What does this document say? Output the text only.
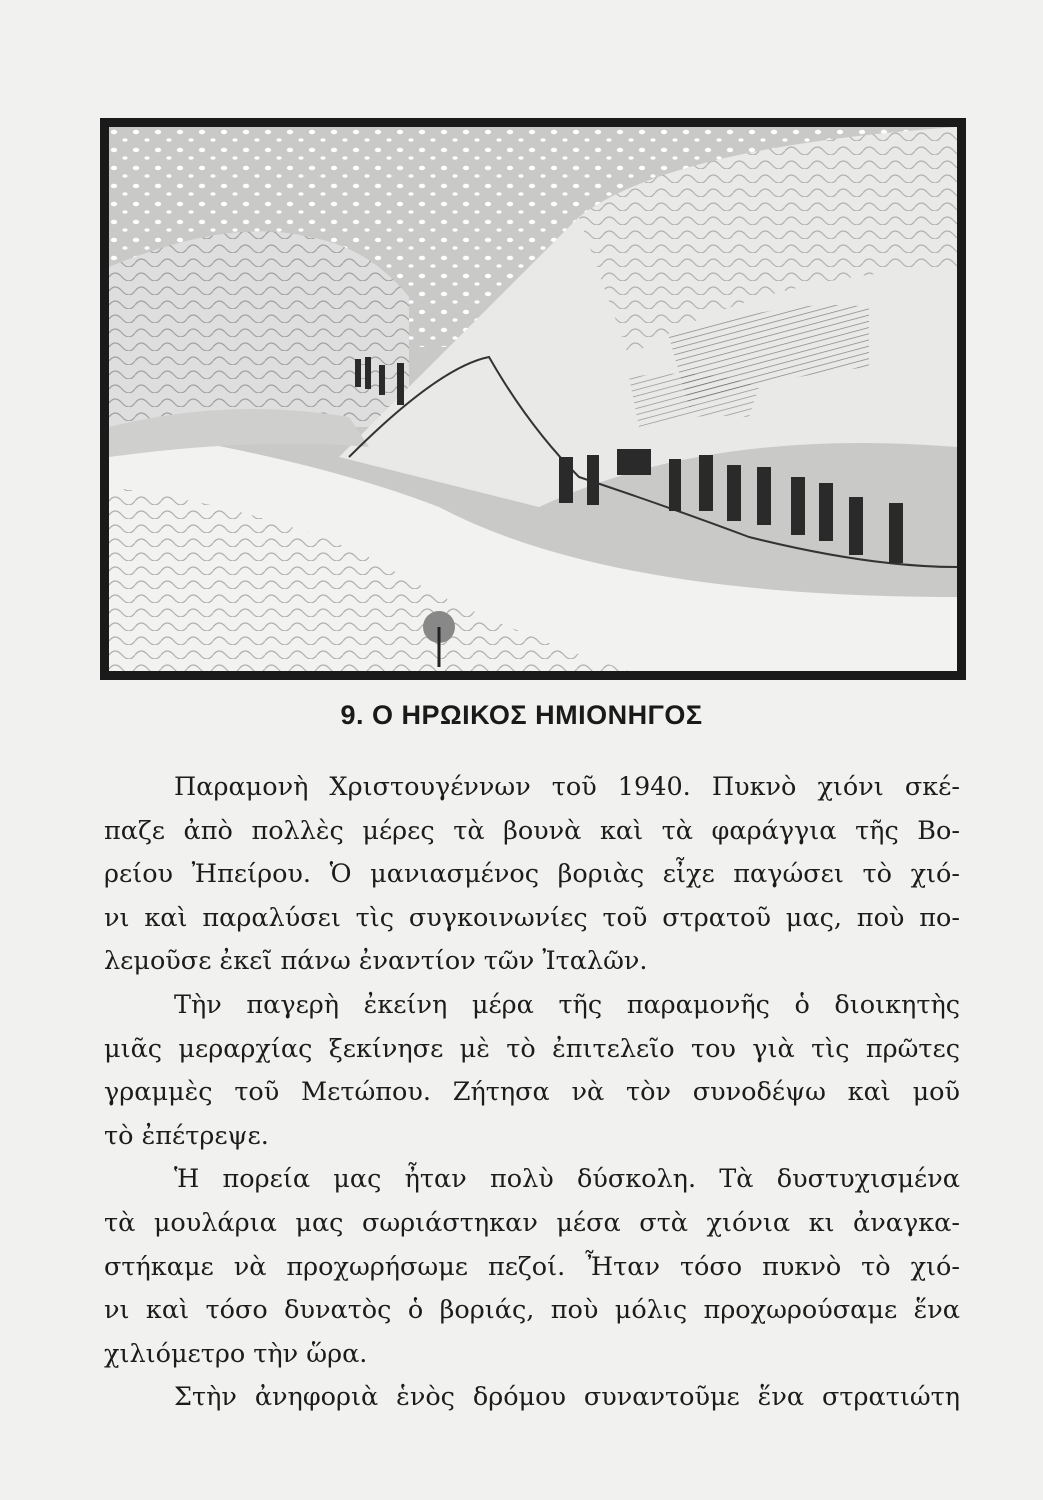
9. Ο ΗΡΩΙΚΟΣ ΗΜΙΟΝΗΓΟΣ
Παραμονὴ Χριστουγέννων τοῦ 1940. Πυκνὸ χιόνι σκέ-
παζε ἀπὸ πολλὲς μέρες τὰ βουνὰ καὶ τὰ φαράγγια τῆς Βο-
ρείου Ἠπείρου. Ὁ μανιασμένος βοριὰς εἶχε παγώσει τὸ χιό-
νι καὶ παραλύσει τὶς συγκοινωνίες τοῦ στρατοῦ μας, ποὺ πο-
λεμοῦσε ἐκεῖ πάνω ἐναντίον τῶν Ἰταλῶν.
Τὴν παγερὴ ἐκείνη μέρα τῆς παραμονῆς ὁ διοικητὴς
μιᾶς μεραρχίας ξεκίνησε μὲ τὸ ἐπιτελεῖο του γιὰ τὶς πρῶτες
γραμμὲς τοῦ Μετώπου. Ζήτησα νὰ τὸν συνοδέψω καὶ μοῦ
τὸ ἐπέτρεψε.
Ἡ πορεία μας ἦταν πολὺ δύσκολη. Τὰ δυστυχισμένα
τὰ μουλάρια μας σωριάστηκαν μέσα στὰ χιόνια κι ἀναγκα-
στήκαμε νὰ προχωρήσωμε πεζοί. Ἦταν τόσο πυκνὸ τὸ χιό-
νι καὶ τόσο δυνατὸς ὁ βοριάς, ποὺ μόλις προχωρούσαμε ἕνα
χιλιόμετρο τὴν ὥρα.
Στὴν ἀνηφοριὰ ἑνὸς δρόμου συναντοῦμε ἕνα στρατιώτη
